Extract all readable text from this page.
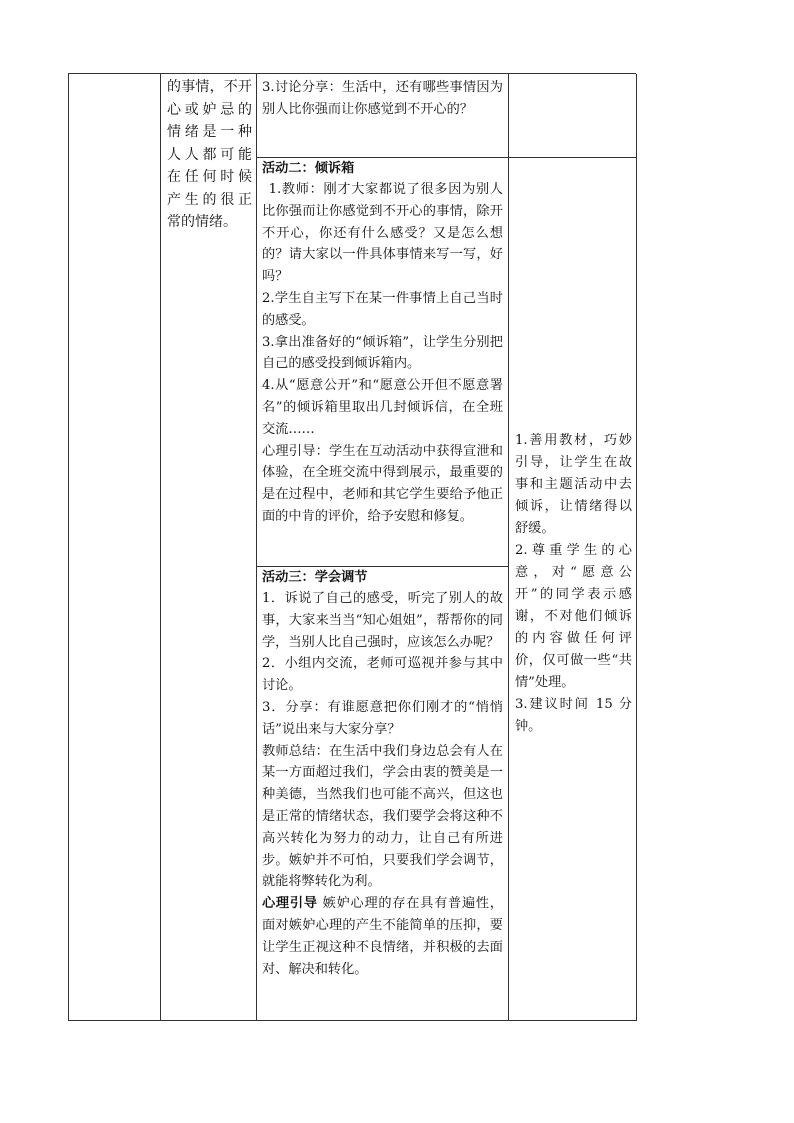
的事情，不开

心或妒忌的

情绪是一种

人人都可能

在任何时候

产生的很正

常的情绪。

3.讨论分享：生活中，还有哪些事情因为别人比你强而让你感觉到不开心的？

活动二：倾诉箱

1.教师：刚才大家都说了很多因为别人比你强而让你感觉到不开心的事情，除开不开心，你还有什么感受？又是怎么想的？请大家以一件具体事情来写一写，好吗？

2.学生自主写下在某一件事情上自己当时的感受。

3.拿出准备好的“倾诉箱”，让学生分别把自己的感受投到倾诉箱内。

4.从“愿意公开”和“愿意公开但不愿意署名”的倾诉箱里取出几封倾诉信，在全班交流……

心理引导：学生在互动活动中获得宣泄和体验，在全班交流中得到展示，最重要的是在过程中，老师和其它学生要给予他正面的中肯的评价，给予安慰和修复。

活动三：学会调节

1．诉说了自己的感受，听完了别人的故事，大家来当当“知心姐姐”，帮帮你的同学，当别人比自己强时，应该怎么办呢？

2．小组内交流，老师可巡视并参与其中讨论。

3．分享：有谁愿意把你们刚才的“悄悄话”说出来与大家分享？

教师总结：在生活中我们身边总会有人在某一方面超过我们，学会由衷的赞美是一种美德，当然我们也可能不高兴，但这也是正常的情绪状态，我们要学会将这种不高兴转化为努力的动力，让自己有所进步。嫉妒并不可怕，只要我们学会调节，就能将弊转化为利。

心理引导 嫉妒心理的存在具有普遍性，面对嫉妒心理的产生不能简单的压抑，要让学生正视这种不良情绪，并积极的去面对、解决和转化。

1.善用教材，巧妙引导，让学生在故事和主题活动中去倾诉，让情绪得以舒缓。

2.尊重学生的心意，对“愿意公开”的同学表示感谢，不对他们倾诉的内容做任何评价，仅可做一些“共情”处理。

3.建议时间 15 分钟。
